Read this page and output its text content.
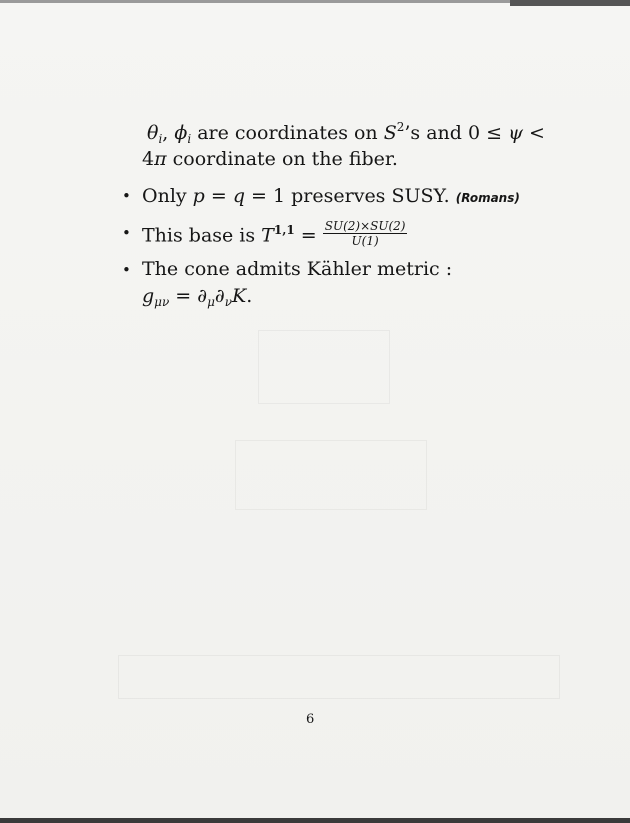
$\theta_i$, $\phi_i$ are coordinates on $S^2’s$ and 0 ≤ ψ <
4π coordinate on the fiber.
• Only p = q = 1 preserves SUSY. (Romans)
• This base is $T^{1,1} = \frac{SU(2)\times SU(2)}{U(1)}$
• The cone admits Kähler metric :
$g_{\mu\nu} = \partial_\mu\partial_\nu K$.
6
